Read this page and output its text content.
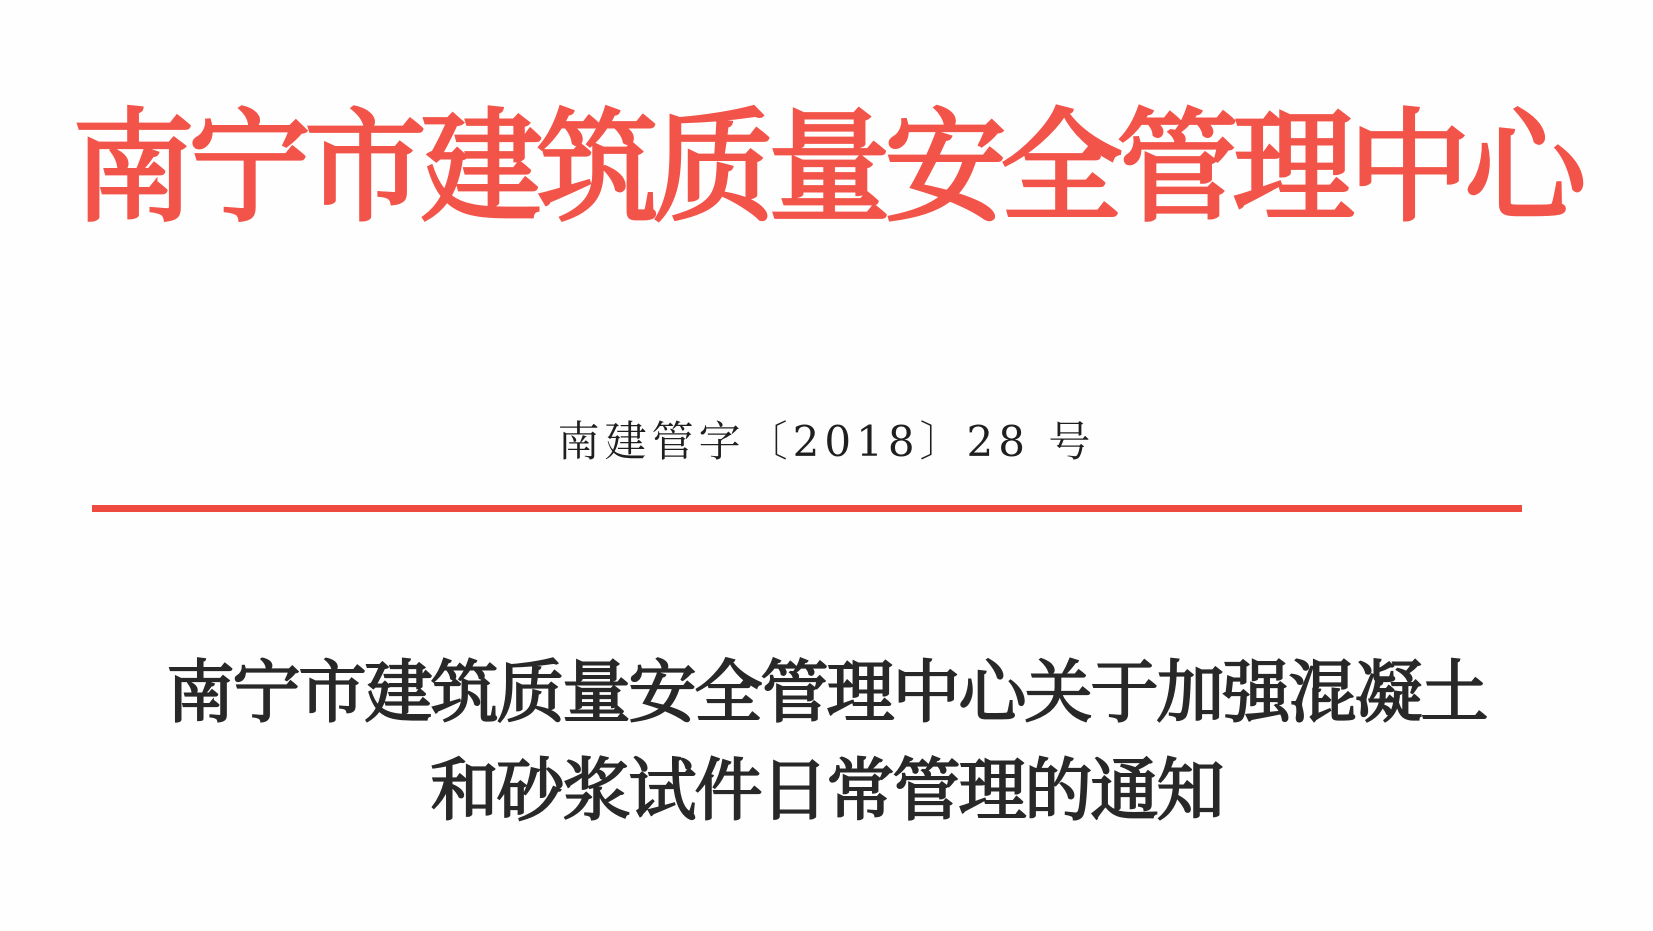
南宁市建筑质量安全管理中心
南建管字〔2018〕28 号
南宁市建筑质量安全管理中心关于加强混凝土
和砂浆试件日常管理的通知
